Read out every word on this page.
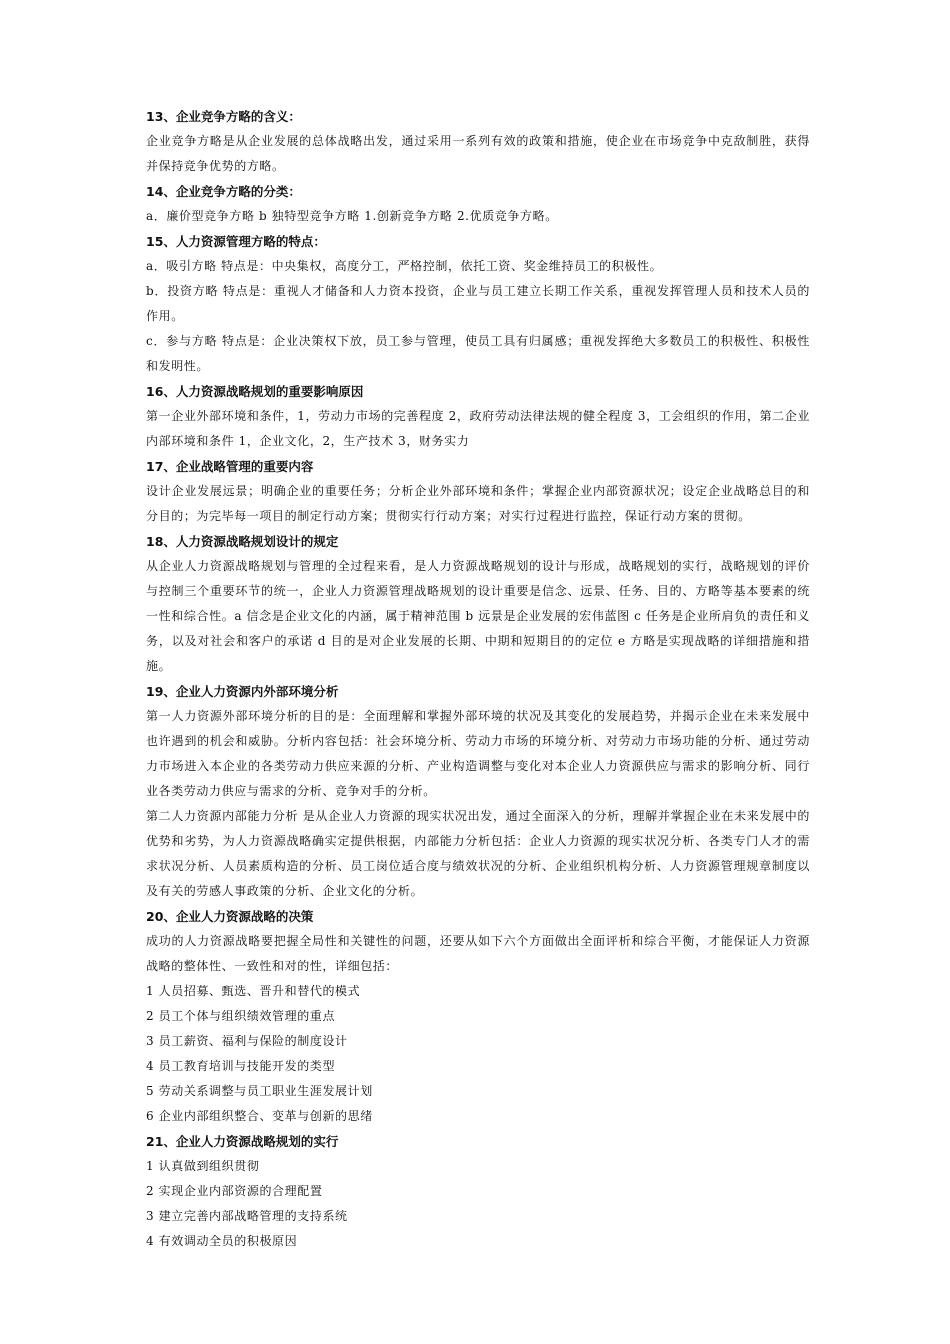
13、企业竞争方略的含义：

企业竞争方略是从企业发展的总体战略出发，通过采用一系列有效的政策和措施，使企业在市场竞争中克敌制胜，获得并保持竞争优势的方略。

14、企业竞争方略的分类：

a．廉价型竞争方略 b 独特型竞争方略 1.创新竞争方略 2.优质竞争方略。

15、人力资源管理方略的特点：

a．吸引方略 特点是：中央集权，高度分工，严格控制，依托工资、奖金维持员工的积极性。

b．投资方略 特点是：重视人才储备和人力资本投资，企业与员工建立长期工作关系，重视发挥管理人员和技术人员的作用。

c．参与方略 特点是：企业决策权下放，员工参与管理，使员工具有归属感；重视发挥绝大多数员工的积极性、积极性和发明性。

16、人力资源战略规划的重要影响原因

第一企业外部环境和条件，1，劳动力市场的完善程度 2，政府劳动法律法规的健全程度 3，工会组织的作用，第二企业内部环境和条件 1，企业文化，2，生产技术 3，财务实力

17、企业战略管理的重要内容

设计企业发展远景；明确企业的重要任务；分析企业外部环境和条件；掌握企业内部资源状况；设定企业战略总目的和分目的；为完毕每一项目的制定行动方案；贯彻实行行动方案；对实行过程进行监控，保证行动方案的贯彻。

18、人力资源战略规划设计的规定

从企业人力资源战略规划与管理的全过程来看，是人力资源战略规划的设计与形成，战略规划的实行，战略规划的评价与控制三个重要环节的统一，企业人力资源管理战略规划的设计重要是信念、远景、任务、目的、方略等基本要素的统一性和综合性。a 信念是企业文化的内涵，属于精神范围 b 远景是企业发展的宏伟蓝图 c 任务是企业所肩负的责任和义务，以及对社会和客户的承诺 d 目的是对企业发展的长期、中期和短期目的的定位 e 方略是实现战略的详细措施和措施。

19、企业人力资源内外部环境分析

第一人力资源外部环境分析的目的是：全面理解和掌握外部环境的状况及其变化的发展趋势，并揭示企业在未来发展中也许遇到的机会和威胁。分析内容包括：社会环境分析、劳动力市场的环境分析、对劳动力市场功能的分析、通过劳动力市场进入本企业的各类劳动力供应来源的分析、产业构造调整与变化对本企业人力资源供应与需求的影响分析、同行业各类劳动力供应与需求的分析、竞争对手的分析。

第二人力资源内部能力分析 是从企业人力资源的现实状况出发，通过全面深入的分析，理解并掌握企业在未来发展中的优势和劣势，为人力资源战略确实定提供根据，内部能力分析包括：企业人力资源的现实状况分析、各类专门人才的需求状况分析、人员素质构造的分析、员工岗位适合度与绩效状况的分析、企业组织机构分析、人力资源管理规章制度以及有关的劳感人事政策的分析、企业文化的分析。

20、企业人力资源战略的决策

成功的人力资源战略要把握全局性和关键性的问题，还要从如下六个方面做出全面评析和综合平衡，才能保证人力资源战略的整体性、一致性和对的性，详细包括：

1 人员招募、甄选、晋升和替代的模式
2 员工个体与组织绩效管理的重点
3 员工薪资、福利与保险的制度设计
4 员工教育培训与技能开发的类型
5 劳动关系调整与员工职业生涯发展计划
6 企业内部组织整合、变革与创新的思绪
21、企业人力资源战略规划的实行
1 认真做到组织贯彻
2 实现企业内部资源的合理配置
3 建立完善内部战略管理的支持系统
4 有效调动全员的积极原因
